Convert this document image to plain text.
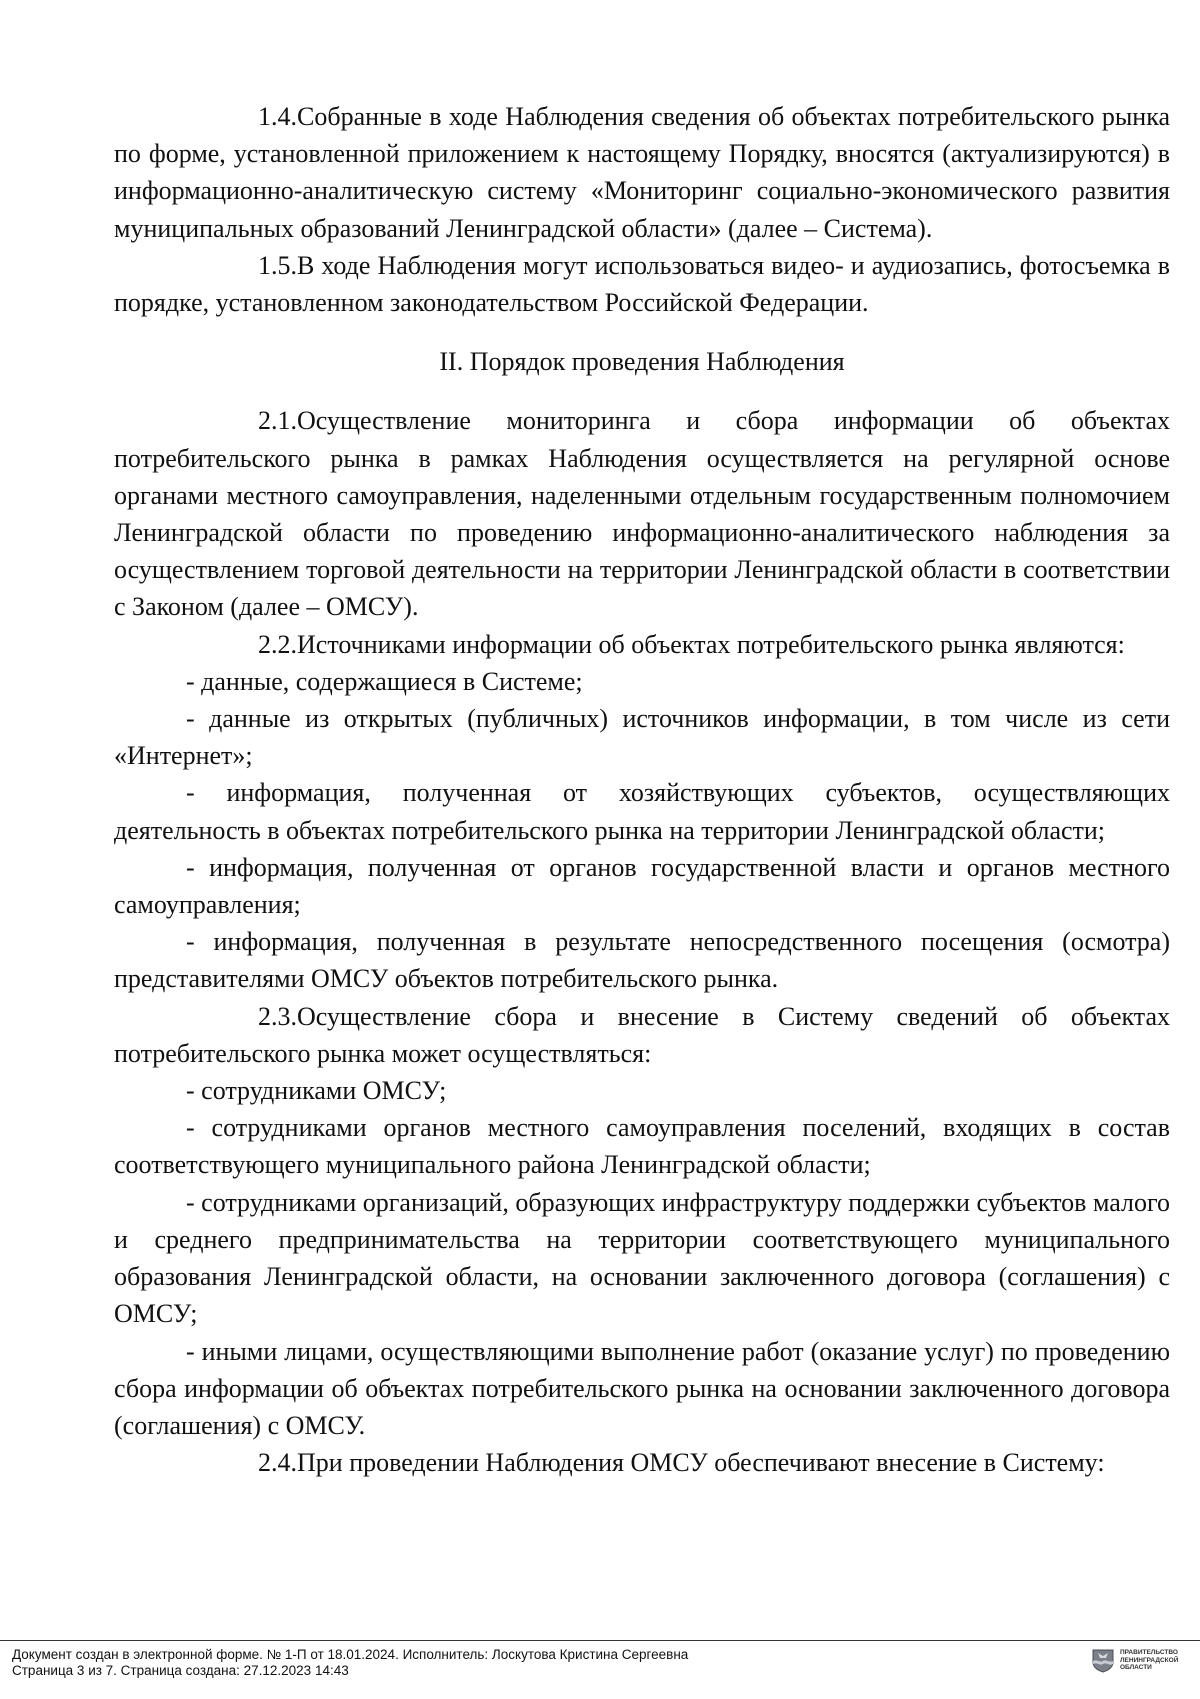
1.4.Собранные в ходе Наблюдения сведения об объектах потребительского рынка по форме, установленной приложением к настоящему Порядку, вносятся (актуализируются) в информационно-аналитическую систему «Мониторинг социально-экономического развития муниципальных образований Ленинградской области» (далее – Система).

1.5.В ходе Наблюдения могут использоваться видео- и аудиозапись, фотосъемка в порядке, установленном законодательством Российской Федерации.

II. Порядок проведения Наблюдения

2.1.Осуществление мониторинга и сбора информации об объектах потребительского рынка в рамках Наблюдения осуществляется на регулярной основе органами местного самоуправления, наделенными отдельным государственным полномочием Ленинградской области по проведению информационно-аналитического наблюдения за осуществлением торговой деятельности на территории Ленинградской области в соответствии с Законом (далее – ОМСУ).

2.2.Источниками информации об объектах потребительского рынка являются:

- данные, содержащиеся в Системе;

- данные из открытых (публичных) источников информации, в том числе из сети «Интернет»;

- информация, полученная от хозяйствующих субъектов, осуществляющих деятельность в объектах потребительского рынка на территории Ленинградской области;

- информация, полученная от органов государственной власти и органов местного самоуправления;

- информация, полученная в результате непосредственного посещения (осмотра) представителями ОМСУ объектов потребительского рынка.

2.3.Осуществление сбора и внесение в Систему сведений об объектах потребительского рынка может осуществляться:

- сотрудниками ОМСУ;

- сотрудниками органов местного самоуправления поселений, входящих в состав соответствующего муниципального района Ленинградской области;

- сотрудниками организаций, образующих инфраструктуру поддержки субъектов малого и среднего предпринимательства на территории соответствующего муниципального образования Ленинградской области, на основании заключенного договора (соглашения) с ОМСУ;

- иными лицами, осуществляющими выполнение работ (оказание услуг) по проведению сбора информации об объектах потребительского рынка на основании заключенного договора (соглашения) с ОМСУ.

2.4.При проведении Наблюдения ОМСУ обеспечивают внесение в Систему:

Документ создан в электронной форме. № 1-П от 18.01.2024. Исполнитель: Лоскутова Кристина Сергеевна
Страница 3 из 7. Страница создана: 27.12.2023 14:43
ПРАВИТЕЛЬСТВО ЛЕНИНГРАДСКОЙ ОБЛАСТИ
